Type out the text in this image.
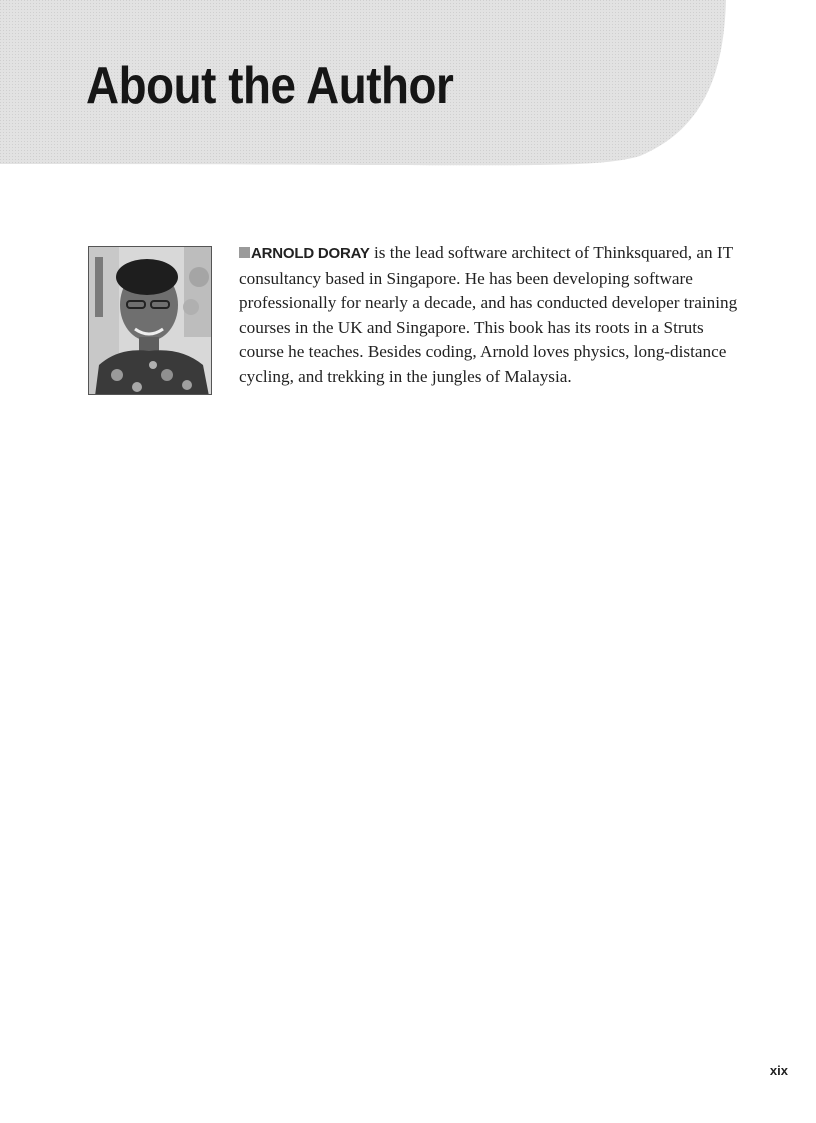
About the Author

ARNOLD DORAY is the lead software architect of Thinksquared, an IT consultancy based in Singapore. He has been developing software professionally for nearly a decade, and has conducted developer training courses in the UK and Singapore. This book has its roots in a Struts course he teaches. Besides coding, Arnold loves physics, long-distance cycling, and trekking in the jungles of Malaysia.

xix
